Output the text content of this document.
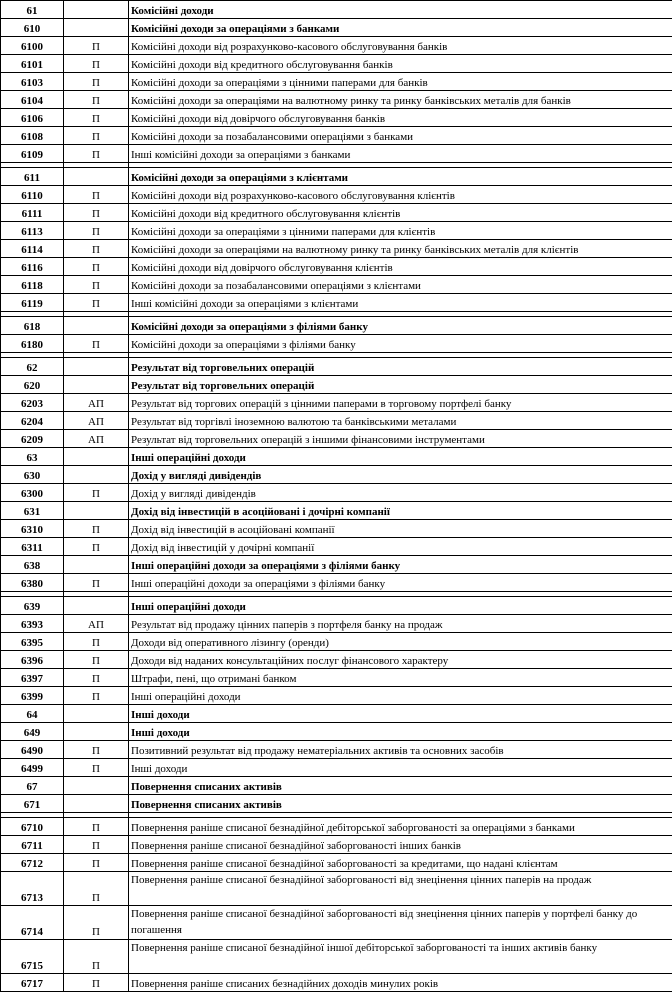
61		Комісійні доходи
610		Комісійні доходи за операціями з банками
6100	П	Комісійні доходи від розрахунково-касового обслуговування банків
6101	П	Комісійні доходи від кредитного обслуговування банків
6103	П	Комісійні доходи за операціями з цінними паперами для банків
6104	П	Комісійні доходи за операціями на валютному ринку та ринку банківських металів для банків
6106	П	Комісійні доходи від довірчого обслуговування банків
6108	П	Комісійні доходи за позабалансовими операціями з банками
6109	П	Інші комісійні доходи за операціями з банками

611		Комісійні доходи за операціями з клієнтами
6110	П	Комісійні доходи від розрахунково-касового обслуговування клієнтів
6111	П	Комісійні доходи від кредитного обслуговування клієнтів
6113	П	Комісійні доходи за операціями з цінними паперами для клієнтів
6114	П	Комісійні доходи за операціями на валютному ринку та ринку банківських металів для клієнтів
6116	П	Комісійні доходи від довірчого обслуговування клієнтів
6118	П	Комісійні доходи за позабалансовими операціями з клієнтами
6119	П	Інші комісійні доходи за операціями з клієнтами

618		Комісійні доходи за операціями з філіями банку
6180	П	Комісійні доходи за операціями з філіями банку

62		Результат від торговельних операцій
620		Результат від торговельних операцій
6203	АП	Результат від торгових операцій з цінними паперами в торговому портфелі банку
6204	АП	Результат від торгівлі іноземною валютою та банківськими металами
6209	АП	Результат від торговельних операцій з іншими фінансовими інструментами
63		Інші операційні доходи
630		Дохід у вигляді дивідендів
6300	П	Дохід у вигляді дивідендів
631		Дохід від інвестицій в асоційовані і дочірні компанії
6310	П	Дохід від інвестицій в асоційовані компанії
6311	П	Дохід від інвестицій у дочірні компанії
638		Інші операційні доходи за операціями з філіями банку
6380	П	Інші операційні доходи за операціями з філіями банку

639		Інші операційні доходи
6393	АП	Результат від продажу цінних паперів з портфеля банку на продаж
6395	П	Доходи від оперативного лізингу (оренди)
6396	П	Доходи від наданих консультаційних послуг фінансового характеру
6397	П	Штрафи, пені, що отримані банком
6399	П	Інші операційні доходи
64		Інші доходи
649		Інші доходи
6490	П	Позитивний результат від продажу нематеріальних активів та основних засобів
6499	П	Інші доходи
67		Повернення списаних активів
671		Повернення списаних активів

6710	П	Повернення раніше списаної безнадійної дебіторської заборгованості за операціями з банками
6711	П	Повернення раніше списаної безнадійної заборгованості інших банків
6712	П	Повернення раніше списаної безнадійної заборгованості за кредитами, що надані клієнтам
6713	П	Повернення раніше списаної безнадійної заборгованості від знецінення цінних паперів на продаж
6714	П	Повернення раніше списаної безнадійної заборгованості від знецінення цінних паперів у портфелі банку до погашення
6715	П	Повернення раніше списаної безнадійної іншої дебіторської заборгованості та інших активів банку
6717	П	Повернення раніше списаних безнадійних доходів минулих років
